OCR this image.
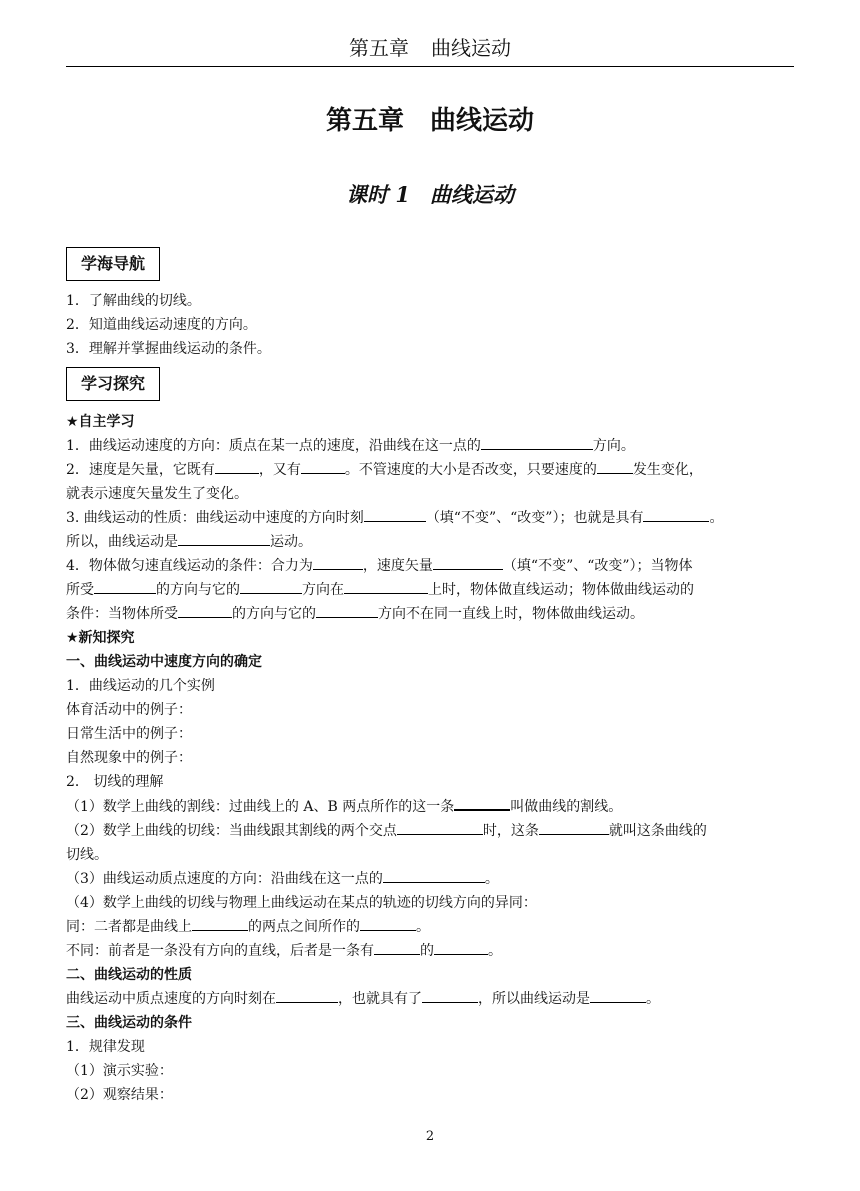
第五章 曲线运动
第五章 曲线运动
课时 1 曲线运动
学海导航

1．了解曲线的切线。

2．知道曲线运动速度的方向。

3．理解并掌握曲线运动的条件。

学习探究

★自主学习

1．曲线运动速度的方向：质点在某一点的速度，沿曲线在这一点的	方向。

2．速度是矢量，它既有	，又有	。不管速度的大小是否改变，只要速度的	发生变化，

就表示速度矢量发生了变化。

3. 曲线运动的性质：曲线运动中速度的方向时刻	（填“不变”、“改变”）；也就是具有	。

所以，曲线运动是	运动。

4．物体做匀速直线运动的条件：合力为	，速度矢量	（填“不变”、“改变”）；当物体

所受	的方向与它的	方向在	上时，物体做直线运动；物体做曲线运动的

条件：当物体所受	的方向与它的	方向不在同一直线上时，物体做曲线运动。

★新知探究

一、曲线运动中速度方向的确定

1．曲线运动的几个实例

体育活动中的例子：

日常生活中的例子：

自然现象中的例子：

2． 切线的理解

（1）数学上曲线的割线：过曲线上的 A、B 两点所作的这一条	叫做曲线的割线。

（2）数学上曲线的切线：当曲线跟其割线的两个交点	时，这条	就叫这条曲线的

切线。

（3）曲线运动质点速度的方向：沿曲线在这一点的	。

（4）数学上曲线的切线与物理上曲线运动在某点的轨迹的切线方向的异同：

同：二者都是曲线上	的两点之间所作的	。

不同：前者是一条没有方向的直线，后者是一条有	的	。

二、曲线运动的性质

曲线运动中质点速度的方向时刻在	，也就具有了	，所以曲线运动是	。

三、曲线运动的条件

1．规律发现

（1）演示实验：

（2）观察结果：

2
